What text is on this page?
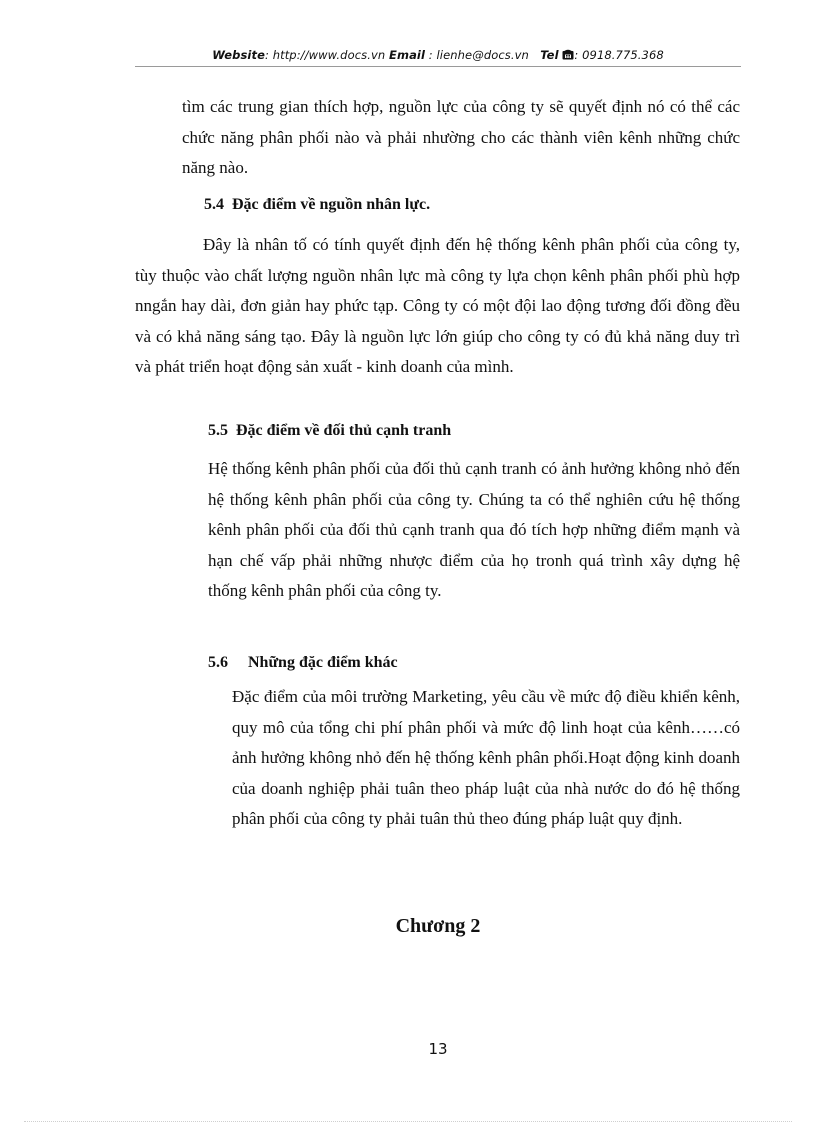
Website: http://www.docs.vn Email : lienhe@docs.vn Tel : 0918.775.368
tìm các trung gian thích hợp, nguồn lực của công ty sẽ quyết định nó có thể các chức năng phân phối nào và phải nhường cho các thành viên kênh những chức năng nào.
5.4  Đặc điểm về nguồn nhân lực.
Đây là nhân tố có tính quyết định đến hệ thống kênh phân phối của công ty, tùy thuộc vào chất lượng nguồn nhân lực mà công ty lựa chọn kênh phân phối phù hợp nngắn hay dài, đơn giản hay phức tạp. Công ty có một đội lao động tương đối đồng đều và có khả năng sáng tạo. Đây là nguồn lực lớn giúp cho công ty có đủ khả năng duy trì và phát triển hoạt động sản xuất - kinh doanh của mình.
5.5  Đặc điểm về đối thủ cạnh tranh
Hệ thống kênh phân phối của đối thủ cạnh tranh có ảnh hưởng không nhỏ đến hệ thống kênh phân phối của công ty. Chúng ta có thể nghiên cứu hệ thống kênh phân phối của đối thủ cạnh tranh qua đó tích hợp những điểm mạnh và hạn chế vấp phải những nhược điểm của họ tronh quá trình xây dựng hệ thống kênh phân phối của công ty.
5.6     Những đặc điểm khác
Đặc điểm của môi trường Marketing, yêu cầu về mức độ điều khiển kênh, quy mô của tổng chi phí phân phối và mức độ linh hoạt của kênh……có ảnh hưởng không nhỏ đến hệ thống kênh phân phối.Hoạt động kinh doanh của doanh nghiệp phải tuân theo pháp luật của nhà nước do đó hệ thống phân phối của công ty phải tuân thủ theo đúng pháp luật quy định.
Chương 2
13
